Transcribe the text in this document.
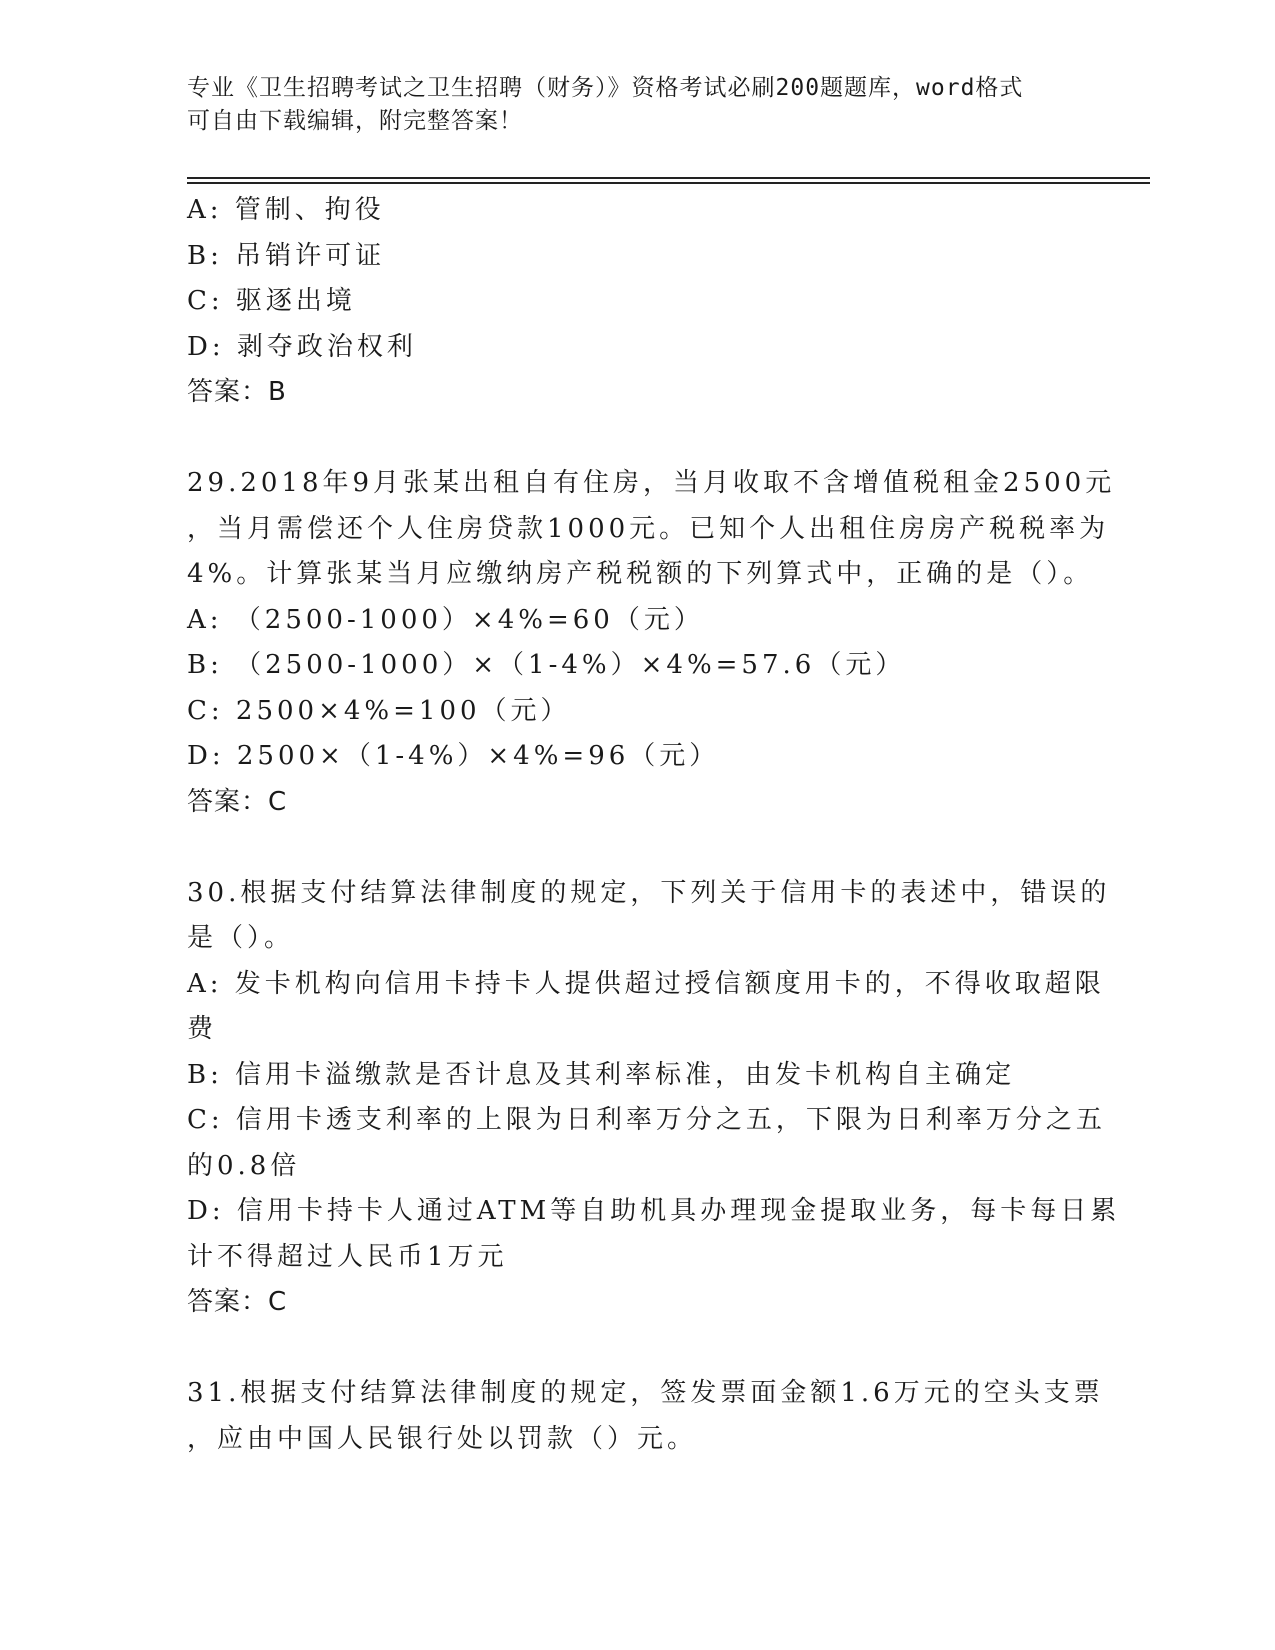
专业《卫生招聘考试之卫生招聘（财务）》资格考试必刷200题题库，word格式
可自由下载编辑，附完整答案！
A: 管制、拘役
B: 吊销许可证
C: 驱逐出境
D: 剥夺政治权利
答案：B
29.2018年9月张某出租自有住房，当月收取不含增值税租金2500元
，当月需偿还个人住房贷款1000元。已知个人出租住房房产税税率为
4%。计算张某当月应缴纳房产税税额的下列算式中，正确的是（）。
A: （2500-1000）×4%=60（元）
B: （2500-1000）×（1-4%）×4%=57.6（元）
C: 2500×4%=100（元）
D: 2500×（1-4%）×4%=96（元）
答案：C
30.根据支付结算法律制度的规定，下列关于信用卡的表述中，错误的
是（）。
A: 发卡机构向信用卡持卡人提供超过授信额度用卡的，不得收取超限
费
B: 信用卡溢缴款是否计息及其利率标准，由发卡机构自主确定
C: 信用卡透支利率的上限为日利率万分之五，下限为日利率万分之五
的0.8倍
D: 信用卡持卡人通过ATM等自助机具办理现金提取业务，每卡每日累
计不得超过人民币1万元
答案：C
31.根据支付结算法律制度的规定，签发票面金额1.6万元的空头支票
，应由中国人民银行处以罚款（）元。
